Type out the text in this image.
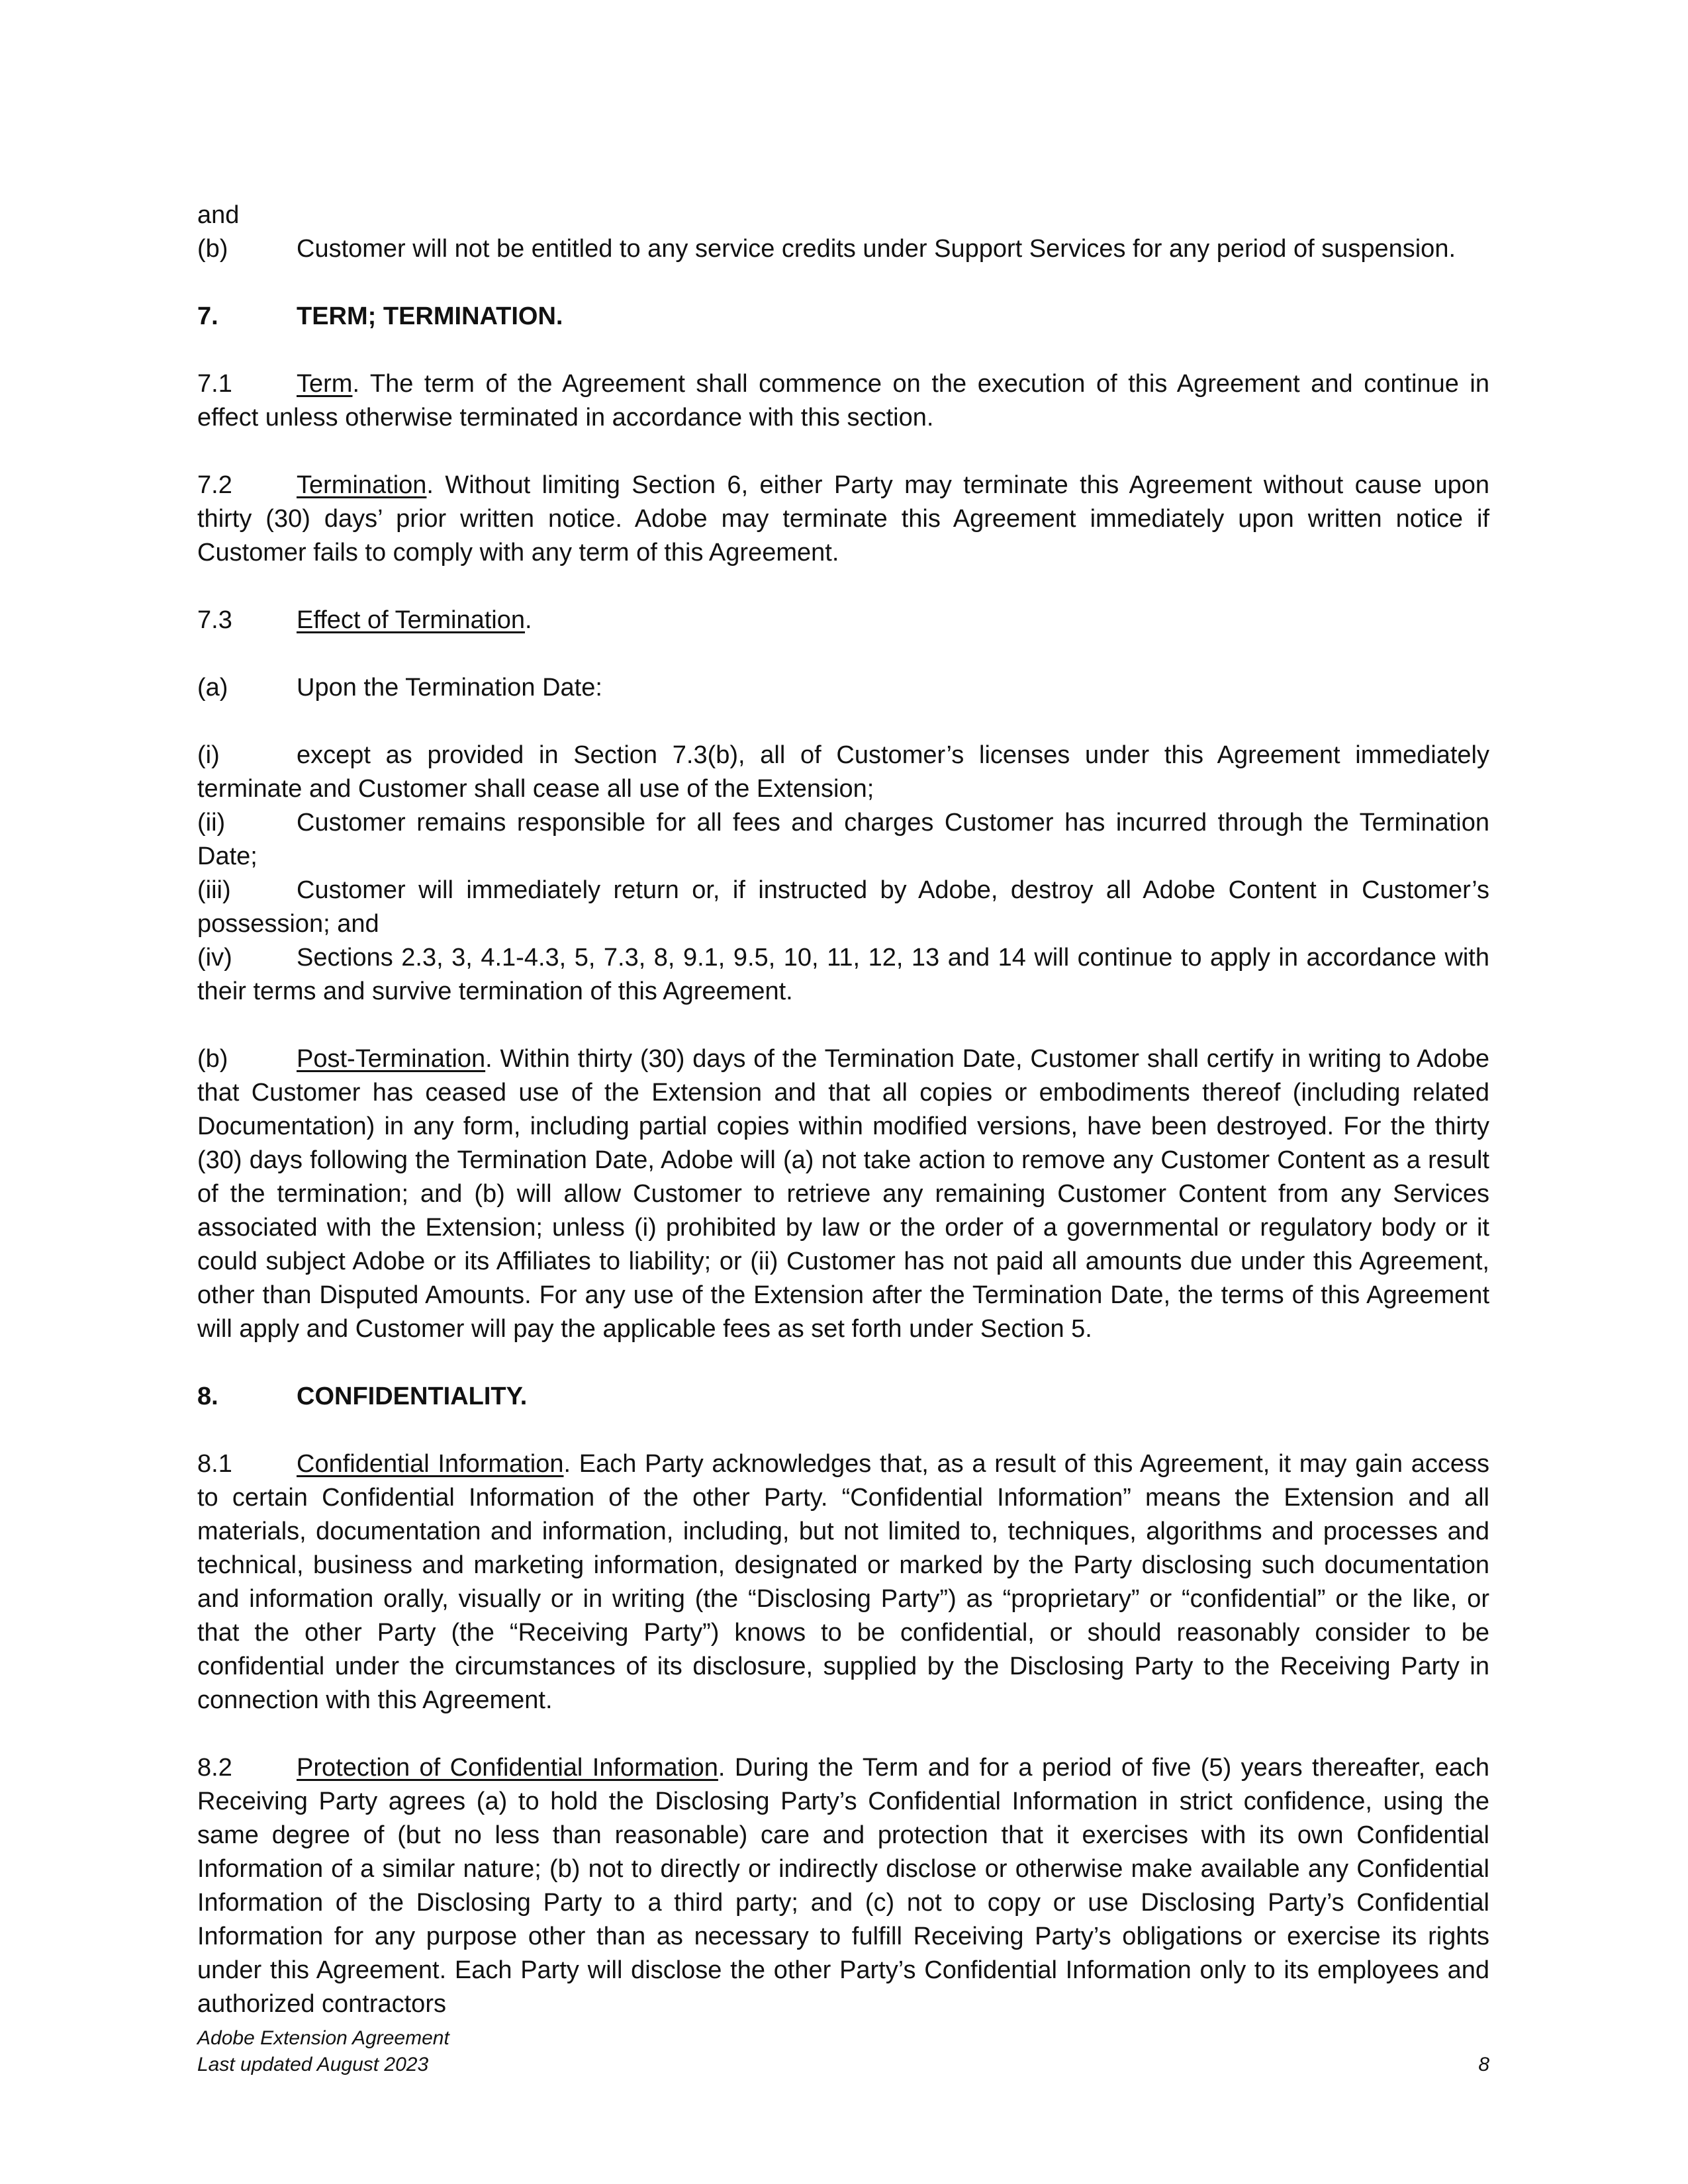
and

(b)	Customer will not be entitled to any service credits under Support Services for any period of suspension.

7.	TERM; TERMINATION.

7.1	Term. The term of the Agreement shall commence on the execution of this Agreement and continue in effect unless otherwise terminated in accordance with this section.

7.2	Termination. Without limiting Section 6, either Party may terminate this Agreement without cause upon thirty (30) days’ prior written notice. Adobe may terminate this Agreement immediately upon written notice if Customer fails to comply with any term of this Agreement.

7.3	Effect of Termination.

(a)	Upon the Termination Date:

(i)	except as provided in Section 7.3(b), all of Customer’s licenses under this Agreement immediately terminate and Customer shall cease all use of the Extension;

(ii)	Customer remains responsible for all fees and charges Customer has incurred through the Termination Date;

(iii)	Customer will immediately return or, if instructed by Adobe, destroy all Adobe Content in Customer’s possession; and

(iv)	Sections 2.3, 3, 4.1-4.3, 5, 7.3, 8, 9.1, 9.5, 10, 11, 12, 13 and 14 will continue to apply in accordance with their terms and survive termination of this Agreement.

(b)	Post-Termination. Within thirty (30) days of the Termination Date, Customer shall certify in writing to Adobe that Customer has ceased use of the Extension and that all copies or embodiments thereof (including related Documentation) in any form, including partial copies within modified versions, have been destroyed. For the thirty (30) days following the Termination Date, Adobe will (a) not take action to remove any Customer Content as a result of the termination; and (b) will allow Customer to retrieve any remaining Customer Content from any Services associated with the Extension; unless (i) prohibited by law or the order of a governmental or regulatory body or it could subject Adobe or its Affiliates to liability; or (ii) Customer has not paid all amounts due under this Agreement, other than Disputed Amounts. For any use of the Extension after the Termination Date, the terms of this Agreement will apply and Customer will pay the applicable fees as set forth under Section 5.

8.	CONFIDENTIALITY.

8.1	Confidential Information. Each Party acknowledges that, as a result of this Agreement, it may gain access to certain Confidential Information of the other Party. “Confidential Information” means the Extension and all materials, documentation and information, including, but not limited to, techniques, algorithms and processes and technical, business and marketing information, designated or marked by the Party disclosing such documentation and information orally, visually or in writing (the “Disclosing Party”) as “proprietary” or “confidential” or the like, or that the other Party (the “Receiving Party”) knows to be confidential, or should reasonably consider to be confidential under the circumstances of its disclosure, supplied by the Disclosing Party to the Receiving Party in connection with this Agreement.

8.2	Protection of Confidential Information. During the Term and for a period of five (5) years thereafter, each Receiving Party agrees (a) to hold the Disclosing Party’s Confidential Information in strict confidence, using the same degree of (but no less than reasonable) care and protection that it exercises with its own Confidential Information of a similar nature; (b) not to directly or indirectly disclose or otherwise make available any Confidential Information of the Disclosing Party to a third party; and (c) not to copy or use Disclosing Party’s Confidential Information for any purpose other than as necessary to fulfill Receiving Party’s obligations or exercise its rights under this Agreement. Each Party will disclose the other Party’s Confidential Information only to its employees and authorized contractors

Adobe Extension Agreement
Last updated August 2023	8
